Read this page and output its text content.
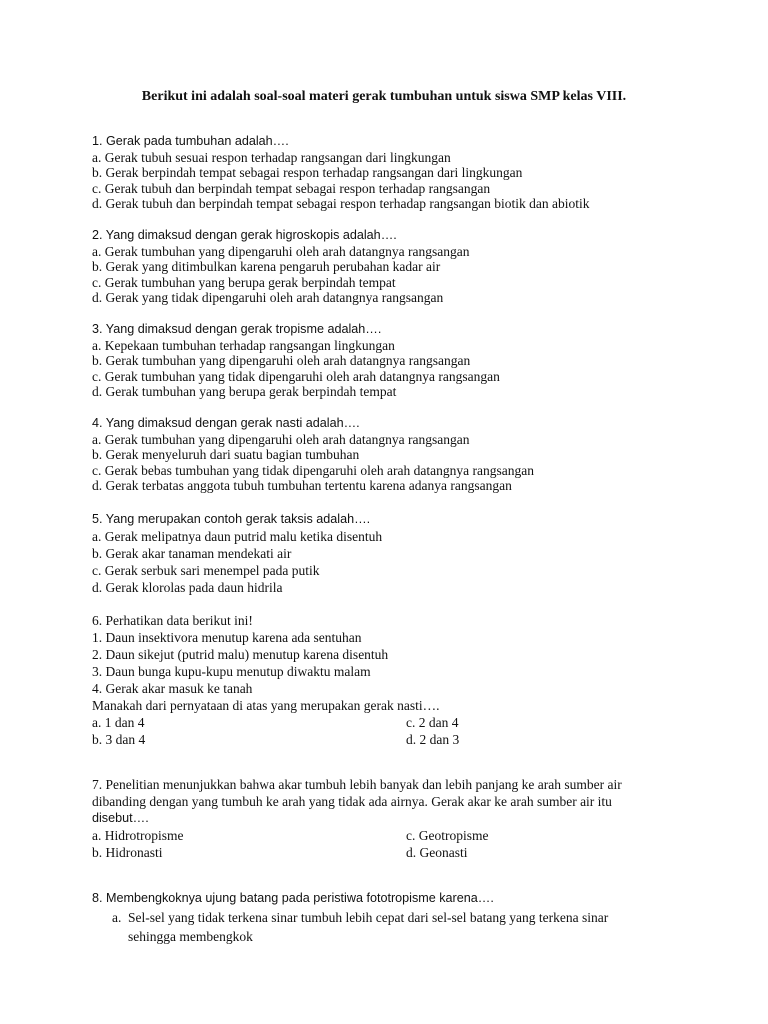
Berikut ini adalah soal-soal materi gerak tumbuhan untuk siswa SMP kelas VIII.
1. Gerak pada tumbuhan adalah….
a. Gerak tubuh sesuai respon terhadap rangsangan dari lingkungan
b. Gerak berpindah tempat sebagai respon terhadap rangsangan dari lingkungan
c. Gerak tubuh dan berpindah tempat sebagai respon terhadap rangsangan
d. Gerak tubuh dan berpindah tempat sebagai respon terhadap rangsangan biotik dan abiotik
2. Yang dimaksud dengan gerak higroskopis adalah….
a. Gerak tumbuhan yang dipengaruhi oleh arah datangnya rangsangan
b. Gerak yang ditimbulkan karena pengaruh perubahan kadar air
c. Gerak tumbuhan yang berupa gerak berpindah tempat
d. Gerak yang tidak dipengaruhi oleh arah datangnya rangsangan
3. Yang dimaksud dengan gerak tropisme adalah….
a. Kepekaan tumbuhan terhadap rangsangan lingkungan
b. Gerak tumbuhan yang dipengaruhi oleh arah datangnya rangsangan
c. Gerak tumbuhan yang tidak dipengaruhi oleh arah datangnya rangsangan
d. Gerak tumbuhan yang berupa gerak berpindah tempat
4. Yang dimaksud dengan gerak nasti adalah….
a. Gerak tumbuhan yang dipengaruhi oleh arah datangnya rangsangan
b. Gerak menyeluruh dari suatu bagian tumbuhan
c. Gerak bebas tumbuhan yang tidak dipengaruhi oleh arah datangnya rangsangan
d. Gerak terbatas anggota tubuh tumbuhan tertentu karena adanya rangsangan
5. Yang merupakan contoh gerak taksis adalah….
a. Gerak melipatnya daun putrid malu ketika disentuh
b. Gerak akar tanaman mendekati air
c. Gerak serbuk sari menempel pada putik
d. Gerak klorolas pada daun hidrila
6. Perhatikan data berikut ini!
1. Daun insektivora menutup karena ada sentuhan
2. Daun sikejut (putrid malu) menutup karena disentuh
3. Daun bunga kupu-kupu menutup diwaktu malam
4. Gerak akar masuk ke tanah
Manakah dari pernyataan di atas yang merupakan gerak nasti….
a. 1 dan 4	c. 2 dan 4
b. 3 dan 4	d. 2 dan 3
7. Penelitian menunjukkan bahwa akar tumbuh lebih banyak dan lebih panjang ke arah sumber air
dibanding dengan yang tumbuh ke arah yang tidak ada airnya. Gerak akar ke arah sumber air itu
disebut….
a. Hidrotropisme	c. Geotropisme
b. Hidronasti	d. Geonasti
8. Membengkoknya ujung batang pada peristiwa fototropisme karena….
a. Sel-sel yang tidak terkena sinar tumbuh lebih cepat dari sel-sel batang yang terkena sinar
sehingga membengkok
